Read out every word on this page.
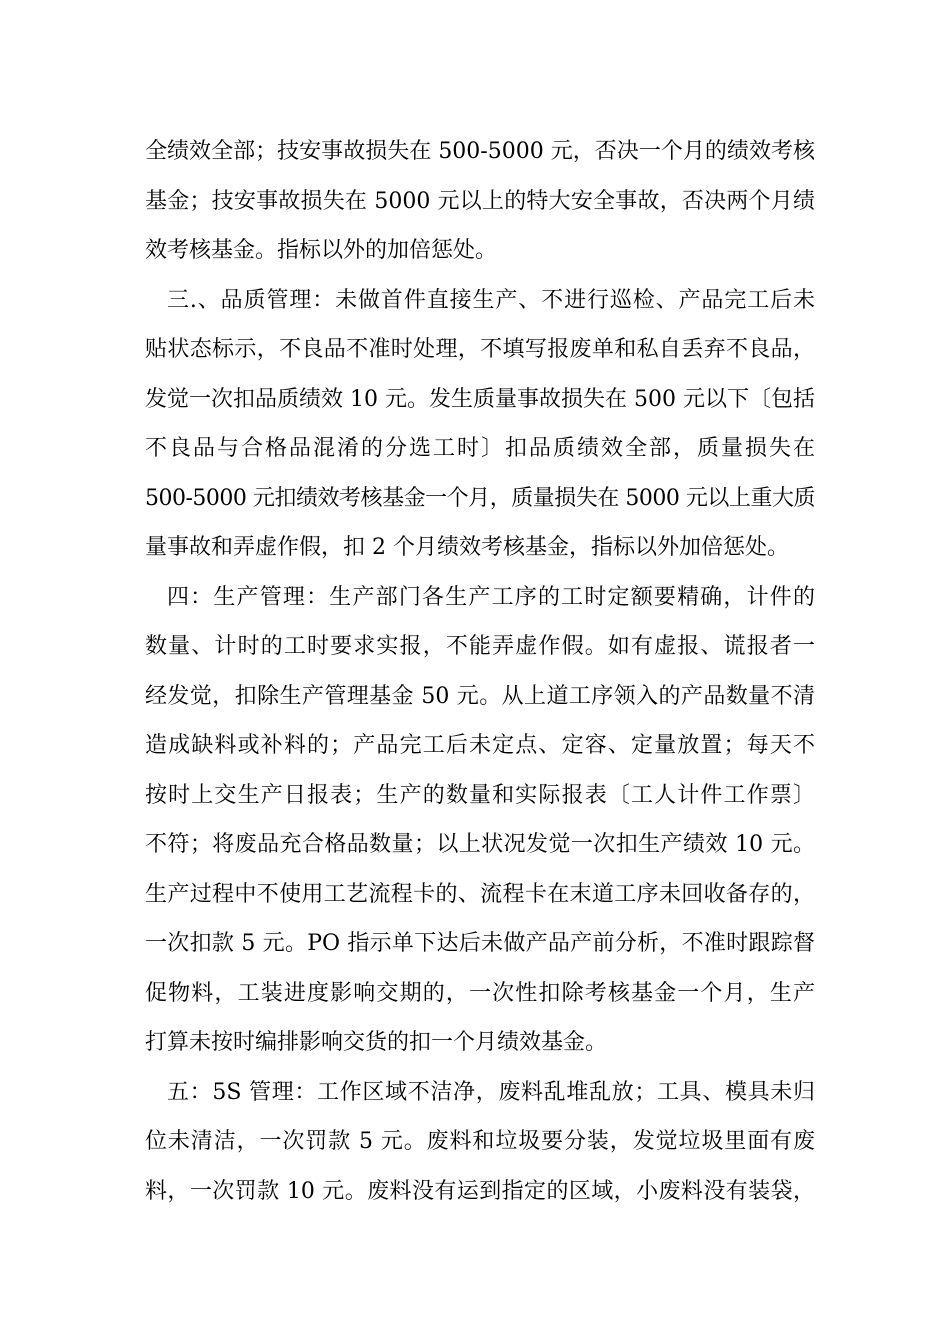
全绩效全部；技安事故损失在 500-5000 元，否决一个月的绩效考核
基金；技安事故损失在 5000 元以上的特大安全事故，否决两个月绩
效考核基金。指标以外的加倍惩处。
三.、品质管理：未做首件直接生产、不进行巡检、产品完工后未
贴状态标示，不良品不准时处理，不填写报废单和私自丢弃不良品，
发觉一次扣品质绩效 10 元。发生质量事故损失在 500 元以下〔包括
不良品与合格品混淆的分选工时〕扣品质绩效全部，质量损失在
500-5000 元扣绩效考核基金一个月，质量损失在 5000 元以上重大质
量事故和弄虚作假，扣 2 个月绩效考核基金，指标以外加倍惩处。
四：生产管理：生产部门各生产工序的工时定额要精确，计件的
数量、计时的工时要求实报，不能弄虚作假。如有虚报、谎报者一
经发觉，扣除生产管理基金 50 元。从上道工序领入的产品数量不清
造成缺料或补料的；产品完工后未定点、定容、定量放置；每天不
按时上交生产日报表；生产的数量和实际报表〔工人计件工作票〕
不符；将废品充合格品数量；以上状况发觉一次扣生产绩效 10 元。
生产过程中不使用工艺流程卡的、流程卡在末道工序未回收备存的，
一次扣款 5 元。PO 指示单下达后未做产品产前分析，不准时跟踪督
促物料，工装进度影响交期的，一次性扣除考核基金一个月，生产
打算未按时编排影响交货的扣一个月绩效基金。
五：5S 管理：工作区域不洁净，废料乱堆乱放；工具、模具未归
位未清洁，一次罚款 5 元。废料和垃圾要分装，发觉垃圾里面有废
料，一次罚款 10 元。废料没有运到指定的区域，小废料没有装袋，
